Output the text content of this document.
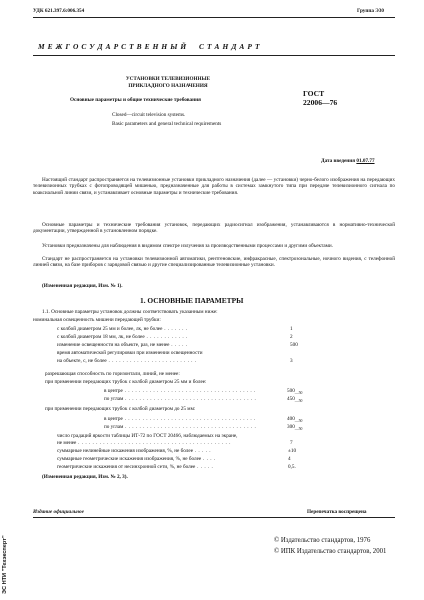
УДК 621.397.6:006.354	Группа Э30
М Е Ж Г О С У Д А Р С Т В Е Н Н Ы Й     С Т А Н Д А Р Т
УСТАНОВКИ ТЕЛЕВИЗИОННЫЕ
ПРИКЛАДНОГО НАЗНАЧЕНИЯ
ГОСТ
22006—76
Основные параметры и общие технические требования
Closed—circuit television systems.
Basic parameters and general technical requirements
Дата введения 01.07.77
Настоящий стандарт распространяется на телевизионные установки прикладного назначения (далее — установки) черно-белого изображения на передающих телевизионных трубках с фотопроводящей мишенью, предназначенные для работы в системах замкнутого типа при передаче телевизионного сигнала по коаксиальной линии связи, и устанавливает основные параметры и технические требования.
Основные параметры и технические требования установок, передающих радиосигнал изображения, устанавливаются в нормативно-технической документации, утвержденной в установленном порядке.
Установки предназначены для наблюдения в видимом спектре излучения за производственными процессами и другими объектами.
Стандарт не распространяется на установки телевизионной автоматики, рентгеновские, инфракрасные, спектрозональные, ночного видения, с телефонной линией связи, на базе приборов с зарядовой связью и другие специализированные телевизионные установки.
(Измененная редакция, Изм. № 1).
1. ОСНОВНЫЕ ПАРАМЕТРЫ
1.1. Основные параметры установок должны соответствовать указанным ниже:
номинальная освещенность мишени передающей трубки:
с колбой диаметром 25 мм и более, лк, не более . . . . . . .	1
с колбой диаметром 18 мм, лк, не более . . . . . . . . . . . .	2
изменение освещенности на объекте, раз, не менее . . . . .	500
время автоматической регулировки при изменении освещенности
на объекте, с, не более . . . . . . . . . . . . . . . . . . . . . . . . .	3
разрешающая способность по горизонтали, линий, не менее:
при применении передающих трубок с колбой диаметром 25 мм и более:
в центре . . . . . . . . . . . . . . . . . . . . . . . . . . . . . . . . . . . . .	$500_{—50}$
по углам . . . . . . . . . . . . . . . . . . . . . . . . . . . . . . . . . . . . .	$450_{—50}$
при применении передающих трубок с колбой диаметром до 25 мм:
в центре . . . . . . . . . . . . . . . . . . . . . . . . . . . . . . . . . . . . .	$400_{—50}$
по углам . . . . . . . . . . . . . . . . . . . . . . . . . . . . . . . . . . . . .	$300_{—50}$
число градаций яркости таблицы ИТ-72 по ГОСТ 20466, наблюдаемых на экране,
не менее . . . . . . . . . . . . . . . . . . . . . . . . . . . . . . . . . . . . . . . . . . .	7
суммарные нелинейные искажения изображения, %, не более . . . . .	±10
суммарные геометрические искажения изображения, %, не более . . . .	4
геометрические искажения от несинхронной сети, %, не более . . . . .	0,5.
(Измененная редакция, Изм. № 2, 3).
Издание официальное	Перепечатка воспрещена
© Издательство стандартов, 1976
© ИПК Издательство стандартов, 2001
ЭС НТИ "Техэксперт"
